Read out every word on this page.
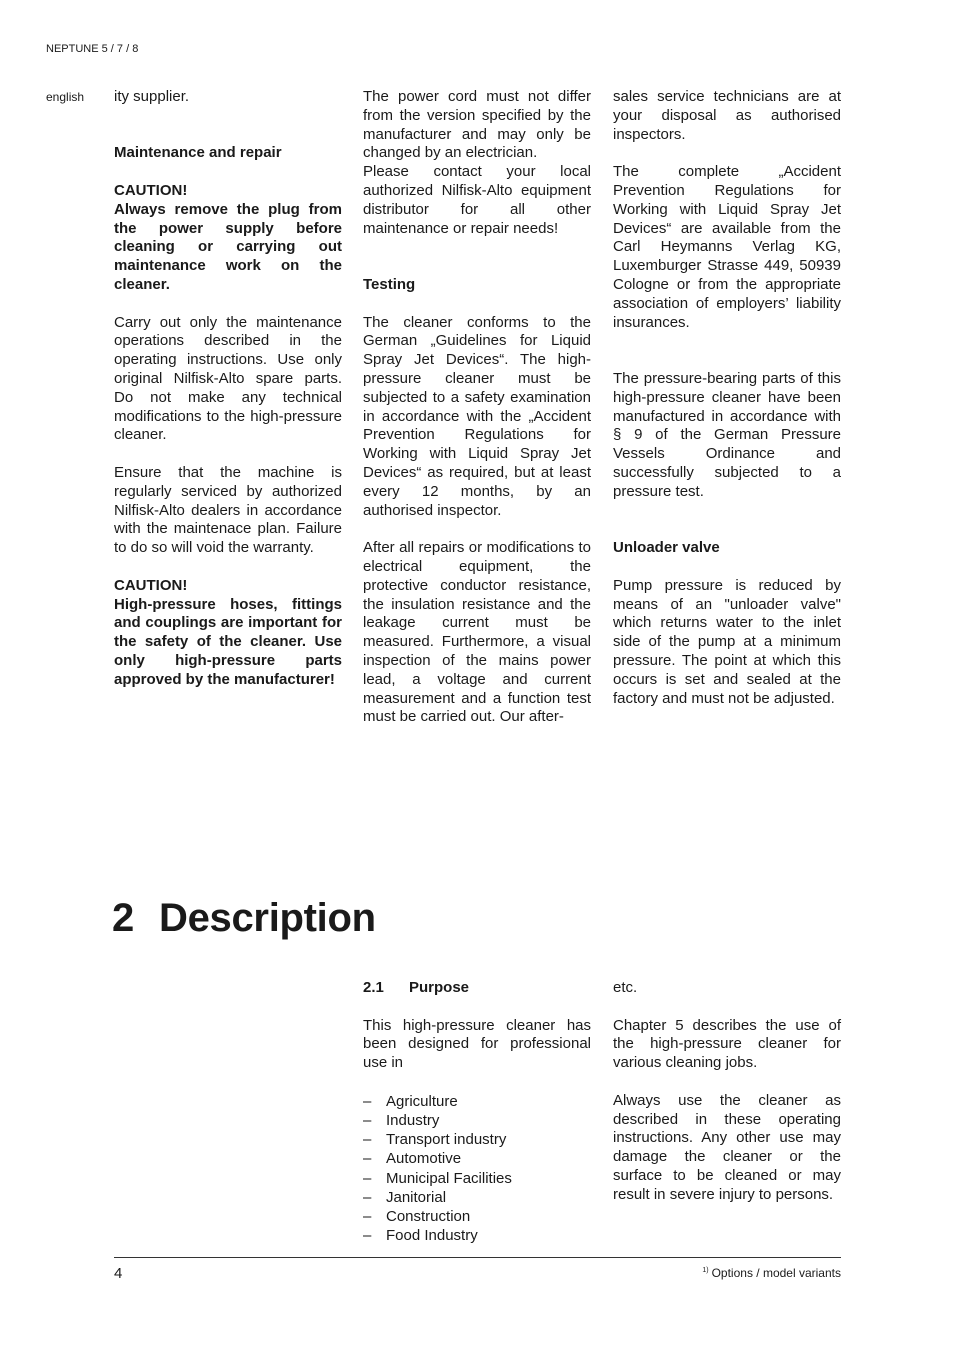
NEPTUNE 5 / 7 / 8
english ity supplier.

Maintenance and repair
CAUTION!

Always remove the plug from the power supply before cleaning or carrying out maintenance work on the cleaner.

Carry out only the maintenance operations described in the operating instructions. Use only original Nilfisk-Alto spare parts. Do not make any technical modifications to the high-pressure cleaner.

Ensure that the machine is regularly serviced by authorized Nilfisk-Alto dealers in accordance with the maintenace plan. Failure to do so will void the warranty.

CAUTION!

High-pressure hoses, fittings and couplings are important for the safety of the cleaner. Use only high-pressure parts approved by the manufacturer!

The power cord must not differ from the version specified by the manufacturer and may only be changed by an electrician.

Please contact your local authorized Nilfisk-Alto equipment distributor for all other maintenance or repair needs!

Testing

The cleaner conforms to the German „Guidelines for Liquid Spray Jet Devices“. The high-pressure cleaner must be subjected to a safety examination in accordance with the „Accident Prevention Regulations for Working with Liquid Spray Jet Devices“ as required, but at least every 12 months, by an authorised inspector.

After all repairs or modifications to electrical equipment, the protective conductor resistance, the insulation resistance and the leakage current must be measured. Furthermore, a visual inspection of the mains power lead, a voltage and current measurement and a function test must be carried out. Our after-

sales service technicians are at your disposal as authorised inspectors.

The complete „Accident Prevention Regulations for Working with Liquid Spray Jet Devices“ are available from the Carl Heymanns Verlag KG, Luxemburger Strasse 449, 50939 Cologne or from the appropriate association of employers’ liability insurances.

The pressure-bearing parts of this high-pressure cleaner have been manufactured in accordance with § 9 of the German Pressure Vessels Ordinance and successfully subjected to a pressure test.

Unloader valve

Pump pressure is reduced by means of an "unloader valve" which returns water to the inlet side of the pump at a minimum pressure. The point at which this occurs is set and sealed at the factory and must not be adjusted.

2 Description
2.1 Purpose

This high-pressure cleaner has been designed for professional use in

– Agriculture
– Industry
– Transport industry
– Automotive
– Municipal Facilities
– Janitorial
– Construction
– Food Industry

etc.

Chapter 5 describes the use of the high-pressure cleaner for various cleaning jobs.

Always use the cleaner as described in these operating instructions. Any other use may damage the cleaner or the surface to be cleaned or may result in severe injury to persons.

4	$^{1)}$ Options / model variants
